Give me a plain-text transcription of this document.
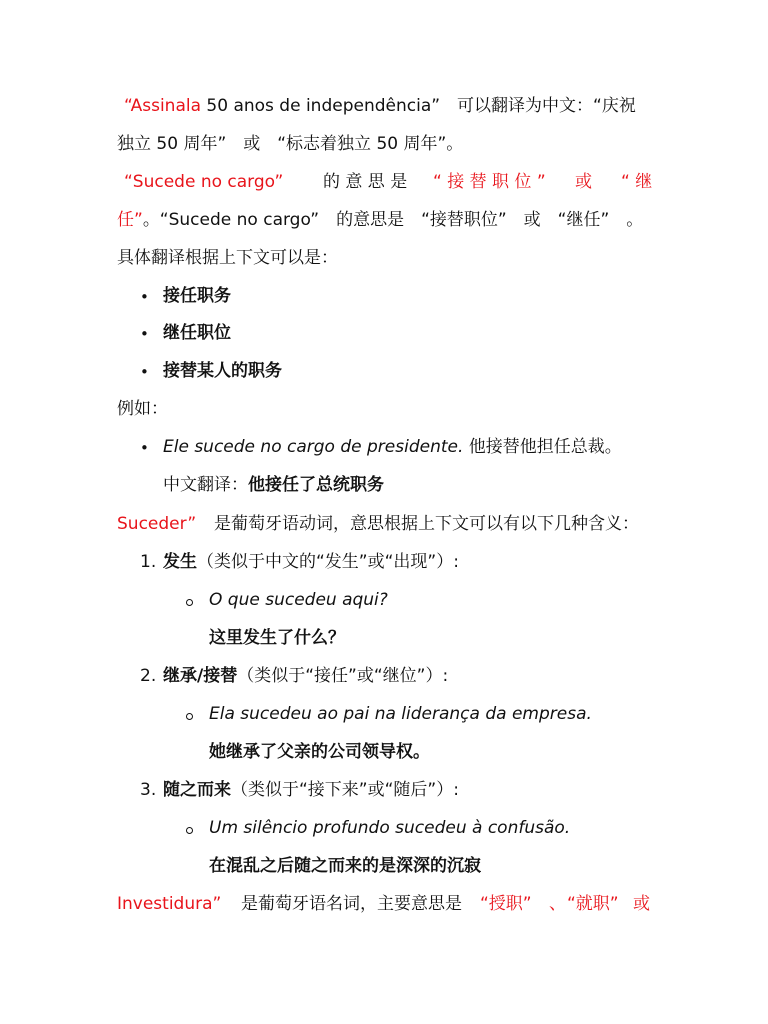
“Assinala 50 anos de independência”　可以翻译为中文：“庆祝
独立 50 周年”　或　“标志着独立 50 周年”。
“Sucede no cargo” 的 意 思 是 “ 接 替 职 位 ” 或 “ 继
任”。“Sucede no cargo”　的意思是　“接替职位”　或　“继任”　。
具体翻译根据上下文可以是：
• 接任职务
• 继任职位
• 接替某人的职务
例如：
• Ele sucede no cargo de presidente. 他接替他担任总裁。
中文翻译：他接任了总统职务
Suceder” 是葡萄牙语动词，意思根据上下文可以有以下几种含义：
1. 发生（类似于中文的“发生”或“出现”）:
O que sucedeu aqui?
这里发生了什么？
2. 继承/接替（类似于“接任”或“继位”）:
Ela sucedeu ao pai na liderança da empresa.
她继承了父亲的公司领导权。
3. 随之而来（类似于“接下来”或“随后”）:
Um silêncio profundo sucedeu à confusão.
在混乱之后随之而来的是深深的沉寂
Investidura” 是葡萄牙语名词，主要意思是 “授职” 、 “就职” 或
